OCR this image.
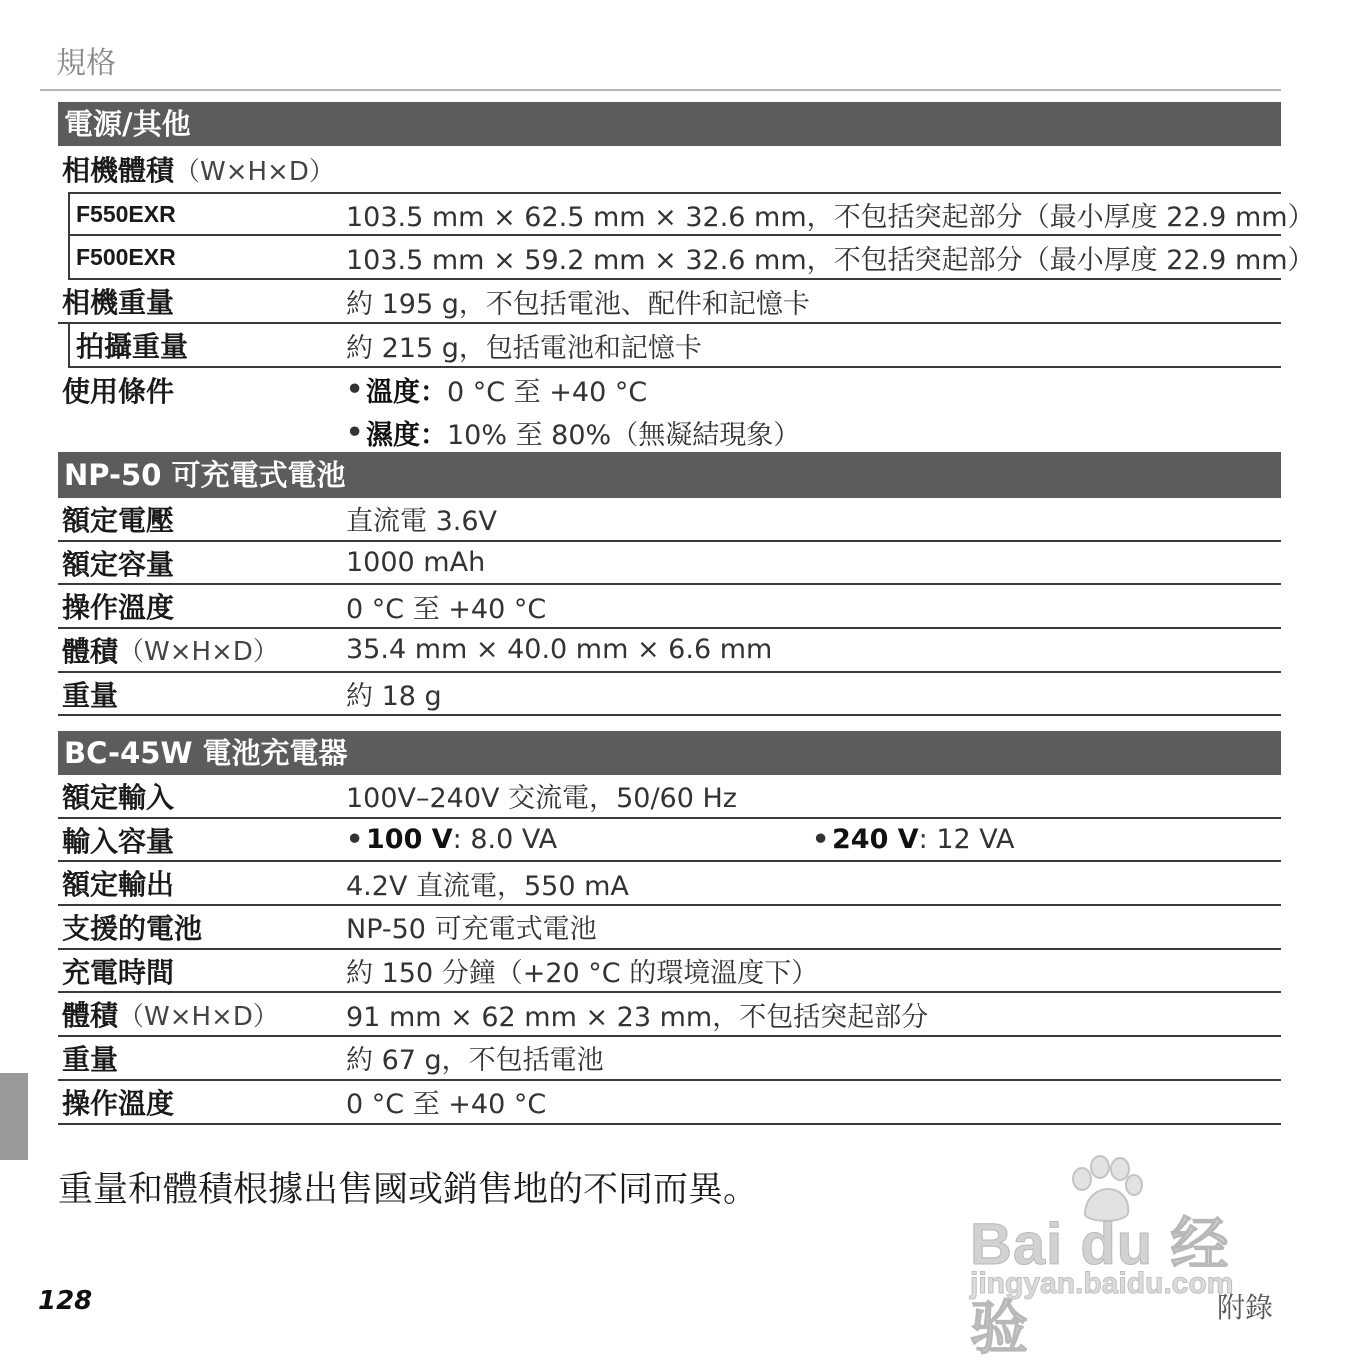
規格
電源/其他
相機體積 （W×H×D）
F550EXR	103.5 mm × 62.5 mm × 32.6 mm，不包括突起部分（最小厚度 22.9 mm）
F500EXR	103.5 mm × 59.2 mm × 32.6 mm，不包括突起部分（最小厚度 22.9 mm）
相機重量	約 195 g，不包括電池、配件和記憶卡
拍攝重量	約 215 g，包括電池和記憶卡
使用條件	• 溫度： 0 °C 至 +40 °C
• 濕度： 10% 至 80%（無凝結現象）
NP-50 可充電式電池
額定電壓	直流電 3.6V
額定容量	1000 mAh
操作溫度	0 °C 至 +40 °C
體積 （W×H×D） 35.4 mm × 40.0 mm × 6.6 mm
重量	約 18 g
BC-45W 電池充電器
額定輸入	100V–240V 交流電，50/60 Hz
輸入容量	• 100 V : 8.0 VA	• 240 V : 12 VA
額定輸出	4.2V 直流電，550 mA
支援的電池	NP-50 可充電式電池
充電時間	約 150 分鐘（+20 °C 的環境溫度下）
體積 （W×H×D） 91 mm × 62 mm × 23 mm，不包括突起部分
重量	約 67 g，不包括電池
操作溫度	0 °C 至 +40 °C
重量和體積根據出售國或銷售地的不同而異。
Bai du 经验
jingyan.baidu.com
128	附錄
